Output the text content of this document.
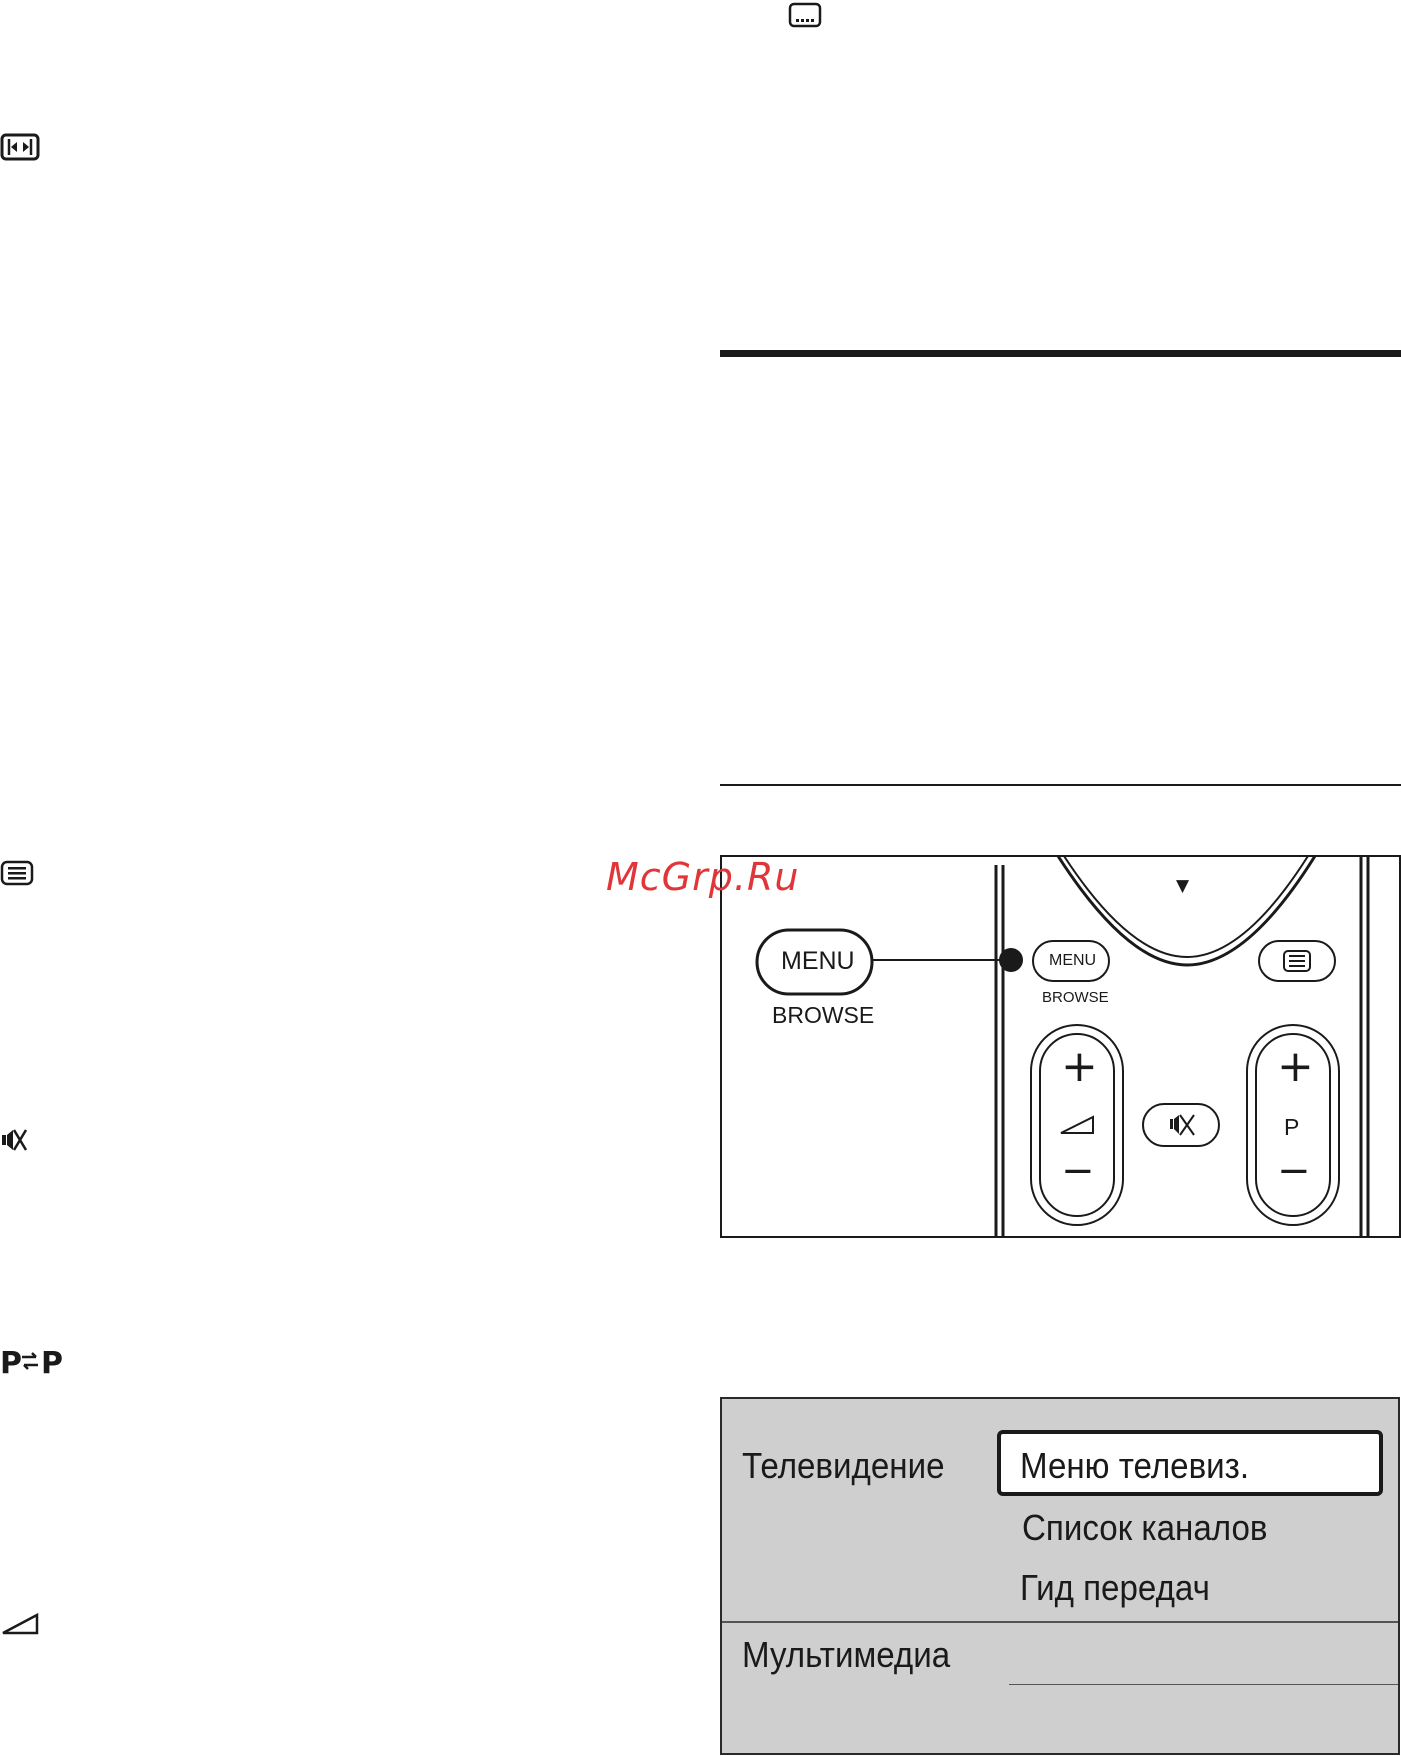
P P
▼
MENU
BROWSE
MENU
BROWSE
+
−
+
P
−
McGrp.Ru
Телевидение Меню телевиз.
Список каналов
Гид передач
Мультимедиа
